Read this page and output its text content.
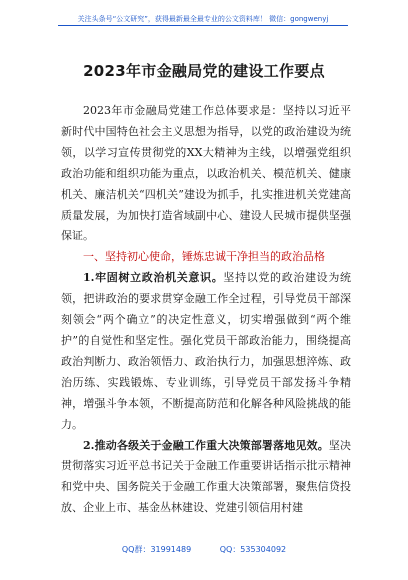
关注头条号“公文研究”，获得最新最全最专业的公文资料库！ 微信：gongwenyj
2023年市金融局党的建设工作要点

2023年市金融局党建工作总体要求是：坚持以习近平新时代中国特色社会主义思想为指导，以党的政治建设为统领，以学习宣传贯彻党的XX大精神为主线，以增强党组织政治功能和组织功能为重点，以政治机关、模范机关、健康机关、廉洁机关“四机关”建设为抓手，扎实推进机关党建高质量发展，为加快打造省域副中心、建设人民城市提供坚强保证。

一、坚持初心使命，锤炼忠诚干净担当的政治品格

1.牢固树立政治机关意识。坚持以党的政治建设为统领，把讲政治的要求贯穿金融工作全过程，引导党员干部深刻领会“两个确立”的决定性意义，切实增强做到“两个维护”的自觉性和坚定性。强化党员干部政治能力，围绕提高政治判断力、政治领悟力、政治执行力，加强思想淬炼、政治历练、实践锻炼、专业训练，引导党员干部发扬斗争精神，增强斗争本领，不断提高防范和化解各种风险挑战的能力。

2.推动各级关于金融工作重大决策部署落地见效。坚决贯彻落实习近平总书记关于金融工作重要讲话指示批示精神和党中央、国务院关于金融工作重大决策部署，聚焦信贷投放、企业上市、基金丛林建设、党建引领信用村建

QQ群：31991489	QQ：535304092
